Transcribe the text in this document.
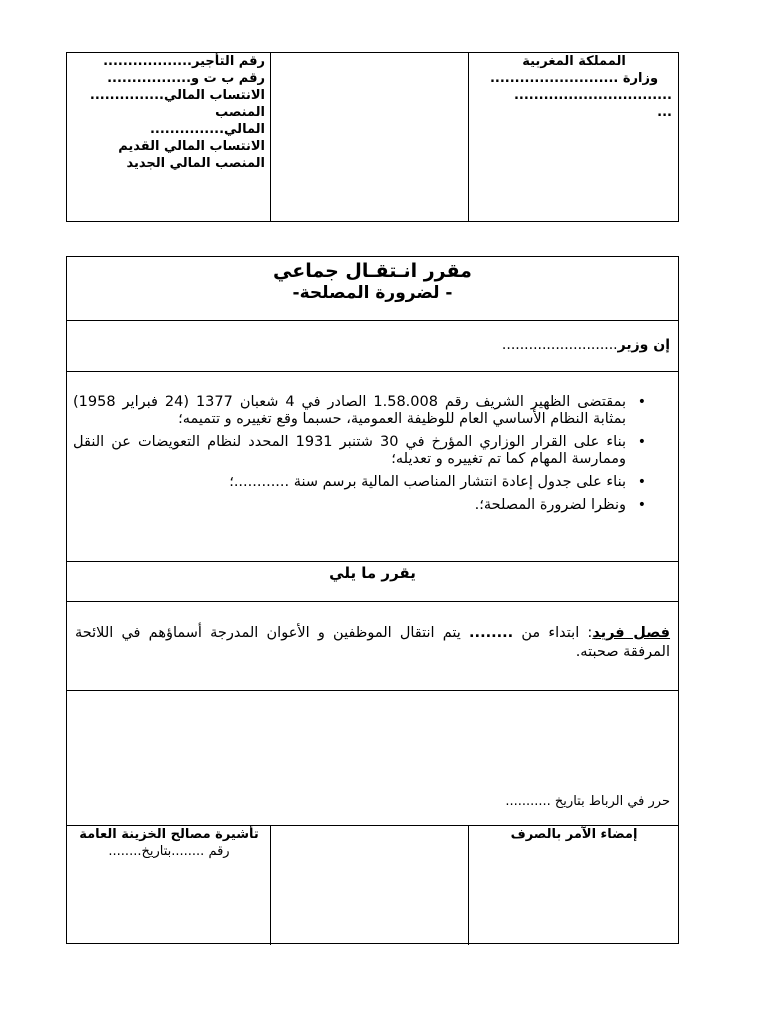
المملكة المغربية
وزارة ..........................
................................
...
رقم التأجير..................
رقم ب ت و.................
الانتساب المالي...............
المنصب
المالي...............
الانتساب المالي القديم
المنصب المالي الجديد
مقرر انـتقـال جماعي
- لضرورة المصلحة-
إن وزير..........................
• بمقتضى الظهير الشريف رقم 1.58.008 الصادر في 4 شعبان 1377 (24 فبراير 1958) بمثابة النظام الأساسي العام للوظيفة العمومية، حسبما وقع تغييره و تتميمه؛
• بناء على القرار الوزاري المؤرخ في 30 شتنبر 1931 المحدد لنظام التعويضات عن النقل وممارسة المهام كما تم تغييره و تعديله؛
• بناء على جدول إعادة انتشار المناصب المالية برسم سنة ............؛
• ونظرا لضرورة المصلحة؛.
يقرر ما يلي
فصل فريد: ابتداء من ........ يتم انتقال الموظفين و الأعوان المدرجة أسماؤهم في اللائحة المرفقة صحبته.
حرر في الرباط بتاريخ ...........
إمضاء الآمر بالصرف
تأشيرة مصالح الخزينة العامة
رقم ........بتاريخ........
